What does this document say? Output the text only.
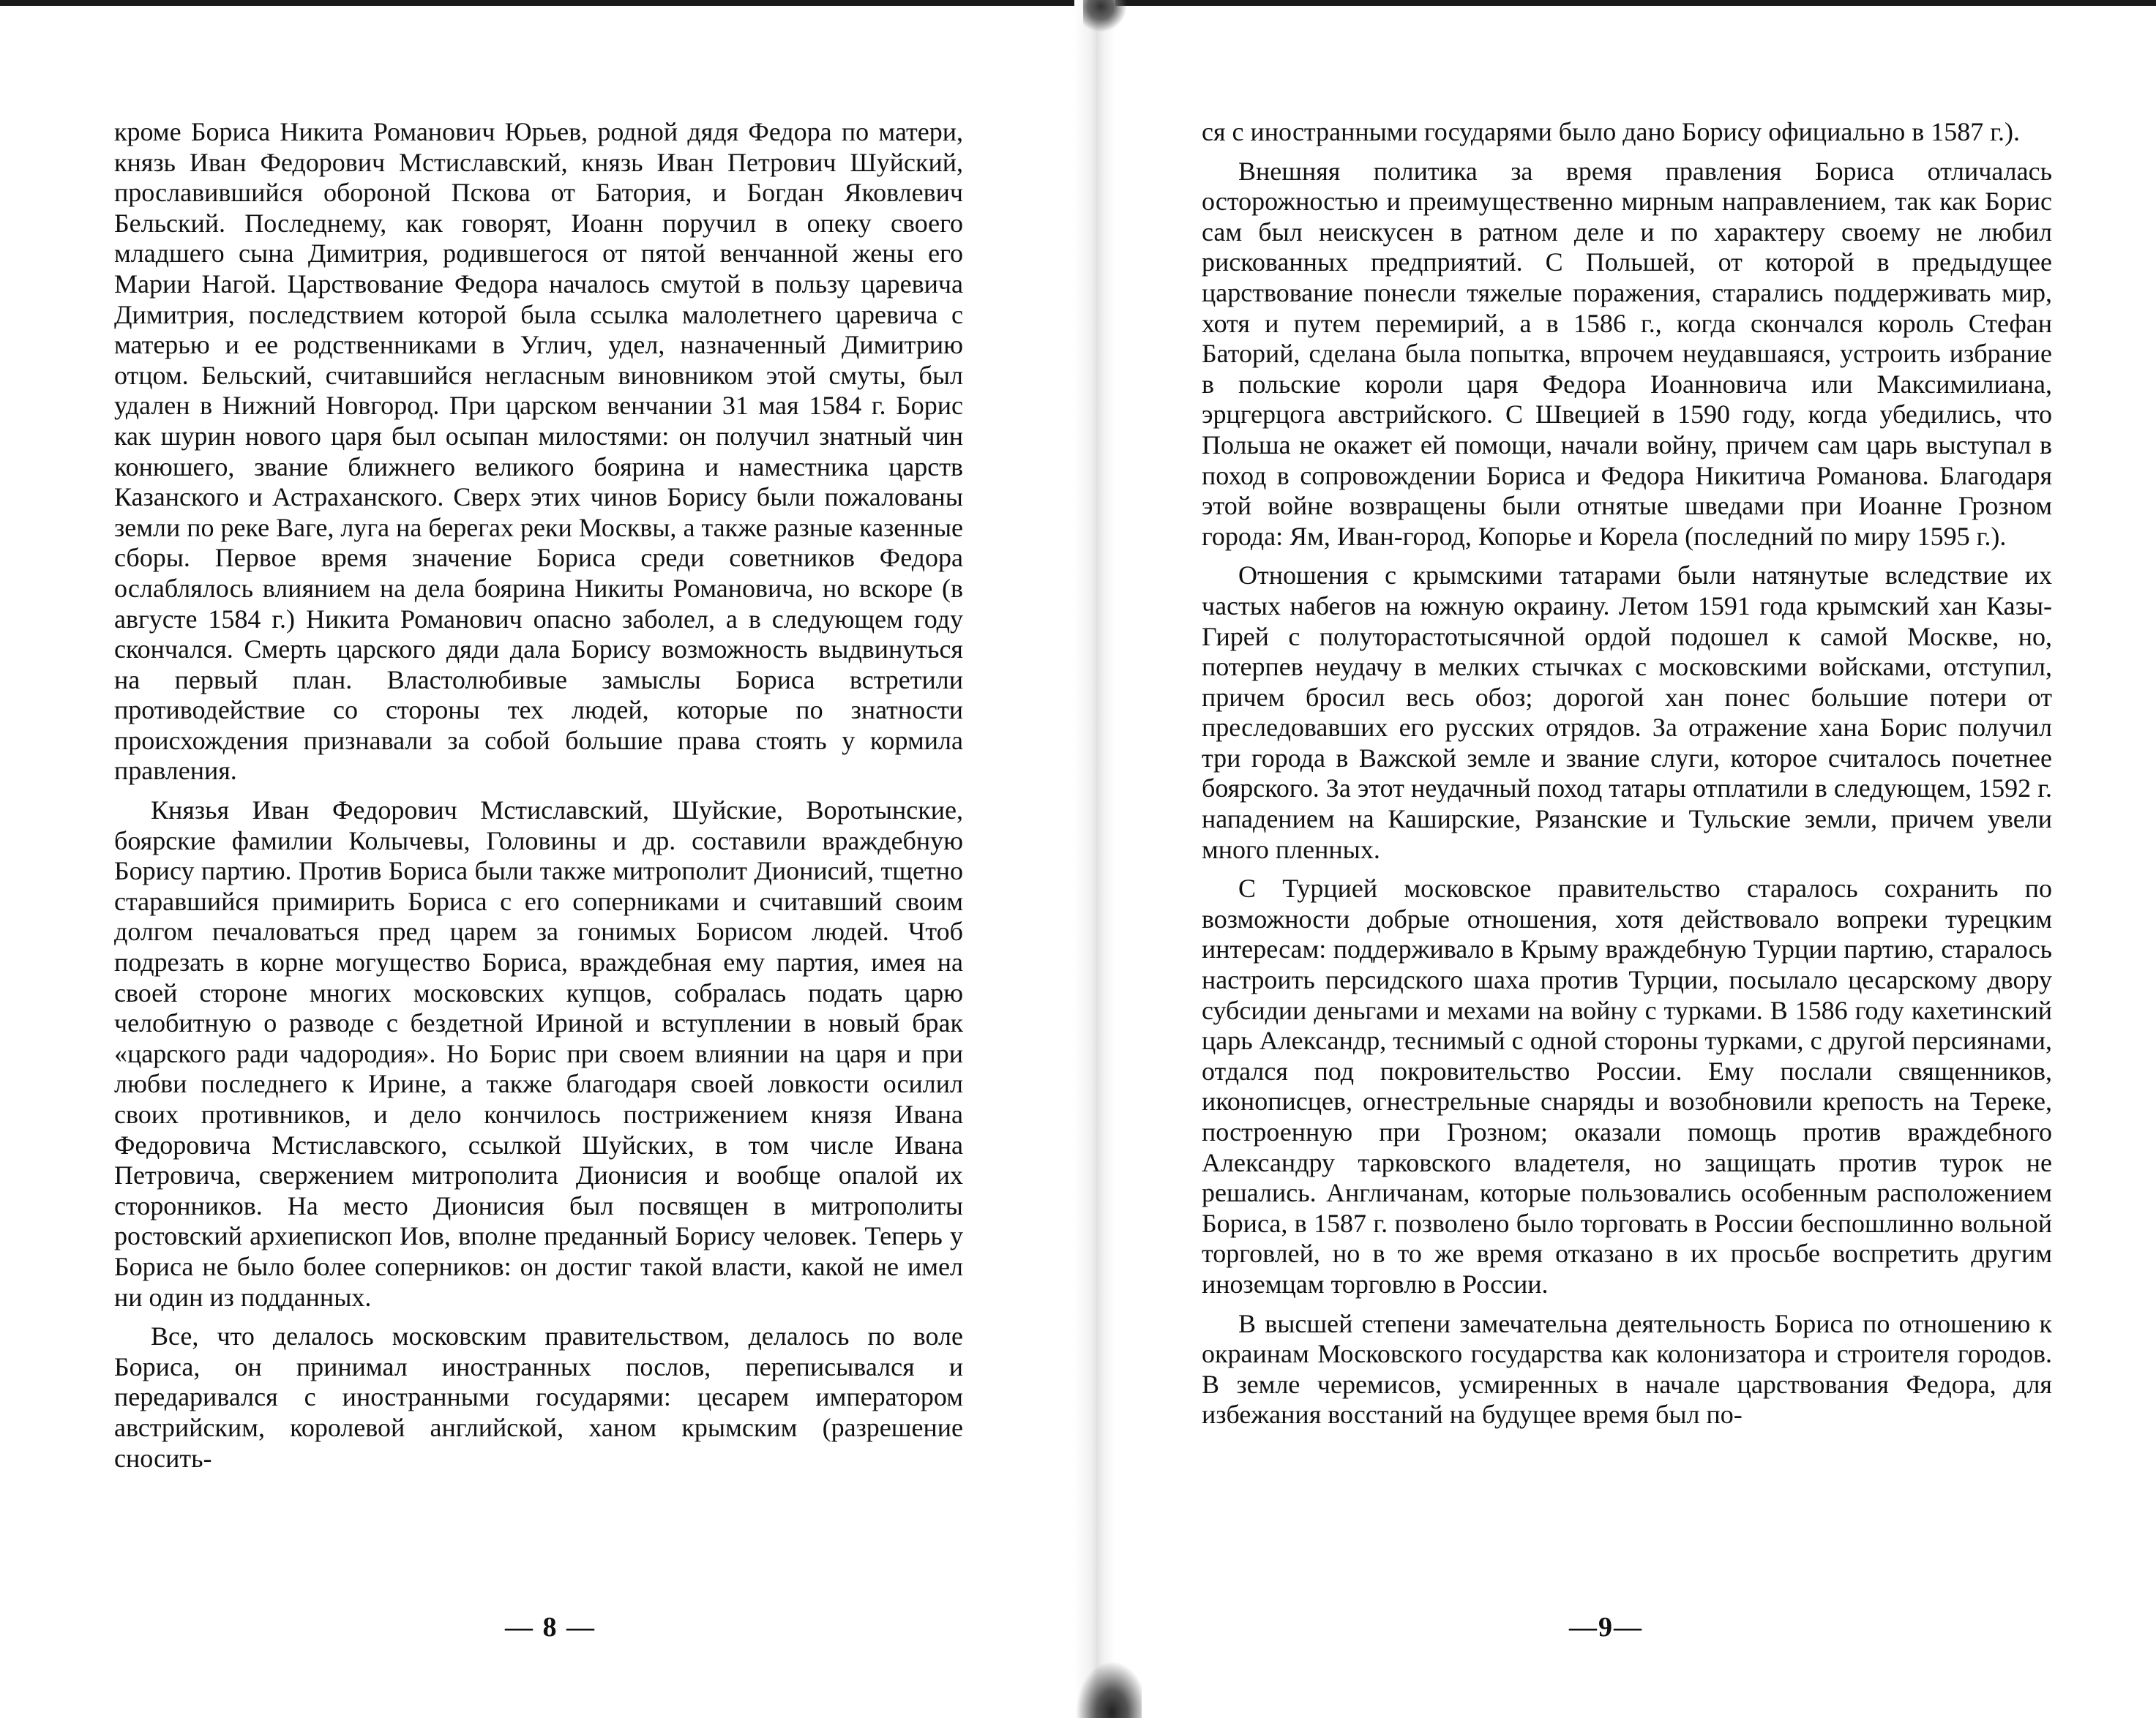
кроме Бориса Никита Романович Юрьев, родной дядя Федора по матери, князь Иван Федорович Мстиславский, князь Иван Петрович Шуйский, прославившийся обороной Пскова от Батория, и Богдан Яковлевич Бельский. Последнему, как говорят, Иоанн поручил в опеку своего младшего сына Димитрия, родившегося от пятой венчанной жены его Марии Нагой. Царствование Федора началось смутой в пользу царевича Димитрия, последствием которой была ссылка малолетнего царевича с матерью и ее родственниками в Углич, удел, назначенный Димитрию отцом. Бельский, считавшийся негласным виновником этой смуты, был удален в Нижний Новгород. При царском венчании 31 мая 1584 г. Борис как шурин нового царя был осыпан милостями: он получил знатный чин конюшего, звание ближнего великого боярина и наместника царств Казанского и Астраханского. Сверх этих чинов Борису были пожалованы земли по реке Ваге, луга на берегах реки Москвы, а также разные казенные сборы. Первое время значение Бориса среди советников Федора ослаблялось влиянием на дела боярина Никиты Романовича, но вскоре (в августе 1584 г.) Никита Романович опасно заболел, а в следующем году скончался. Смерть царского дяди дала Борису возможность выдвинуться на первый план. Властолюбивые замыслы Бориса встретили противодействие со стороны тех людей, которые по знатности происхождения признавали за собой большие права стоять у кормила правления.

Князья Иван Федорович Мстиславский, Шуйские, Воротынские, боярские фамилии Колычевы, Головины и др. составили враждебную Борису партию. Против Бориса были также митрополит Дионисий, тщетно старавшийся примирить Бориса с его соперниками и считавший своим долгом печаловаться пред царем за гонимых Борисом людей. Чтоб подрезать в корне могущество Бориса, враждебная ему партия, имея на своей стороне многих московских купцов, собралась подать царю челобитную о разводе с бездетной Ириной и вступлении в новый брак «царского ради чадородия». Но Борис при своем влиянии на царя и при любви последнего к Ирине, а также благодаря своей ловкости осилил своих противников, и дело кончилось пострижением князя Ивана Федоровича Мстиславского, ссылкой Шуйских, в том числе Ивана Петровича, свержением митрополита Дионисия и вообще опалой их сторонников. На место Дионисия был посвящен в митрополиты ростовский архиепископ Иов, вполне преданный Борису человек. Теперь у Бориса не было более соперников: он достиг такой власти, какой не имел ни один из подданных.

Все, что делалось московским правительством, делалось по воле Бориса, он принимал иностранных послов, переписывался и передаривался с иностранными государями: цесарем императором австрийским, королевой английской, ханом крымским (разрешение сносить-

— 8 —

ся с иностранными государями было дано Борису официально в 1587 г.).

Внешняя политика за время правления Бориса отличалась осторожностью и преимущественно мирным направлением, так как Борис сам был неискусен в ратном деле и по характеру своему не любил рискованных предприятий. С Польшей, от которой в предыдущее царствование понесли тяжелые поражения, старались поддерживать мир, хотя и путем перемирий, а в 1586 г., когда скончался король Стефан Баторий, сделана была попытка, впрочем неудавшаяся, устроить избрание в польские короли царя Федора Иоанновича или Максимилиана, эрцгерцога австрийского. С Швецией в 1590 году, когда убедились, что Польша не окажет ей помощи, начали войну, причем сам царь выступал в поход в сопровождении Бориса и Федора Никитича Романова. Благодаря этой войне возвращены были отнятые шведами при Иоанне Грозном города: Ям, Иван-город, Копорье и Корела (последний по миру 1595 г.).

Отношения с крымскими татарами были натянутые вследствие их частых набегов на южную окраину. Летом 1591 года крымский хан Казы-Гирей с полуторастотысячной ордой подошел к самой Москве, но, потерпев неудачу в мелких стычках с московскими войсками, отступил, причем бросил весь обоз; дорогой хан понес большие потери от преследовавших его русских отрядов. За отражение хана Борис получил три города в Важской земле и звание слуги, которое считалось почетнее боярского. За этот неудачный поход татары отплатили в следующем, 1592 г. нападением на Каширские, Рязанские и Тульские земли, причем увели много пленных.

С Турцией московское правительство старалось сохранить по возможности добрые отношения, хотя действовало вопреки турецким интересам: поддерживало в Крыму враждебную Турции партию, старалось настроить персидского шаха против Турции, посылало цесарскому двору субсидии деньгами и мехами на войну с турками. В 1586 году кахетинский царь Александр, теснимый с одной стороны турками, с другой персиянами, отдался под покровительство России. Ему послали священников, иконописцев, огнестрельные снаряды и возобновили крепость на Тереке, построенную при Грозном; оказали помощь против враждебного Александру тарковского владетеля, но защищать против турок не решались. Англичанам, которые пользовались особенным расположением Бориса, в 1587 г. позволено было торговать в России беспошлинно вольной торговлей, но в то же время отказано в их просьбе воспретить другим иноземцам торговлю в России.

В высшей степени замечательна деятельность Бориса по отношению к окраинам Московского государства как колонизатора и строителя городов. В земле черемисов, усмиренных в начале царствования Федора, для избежания восстаний на будущее время был по-

—9—
